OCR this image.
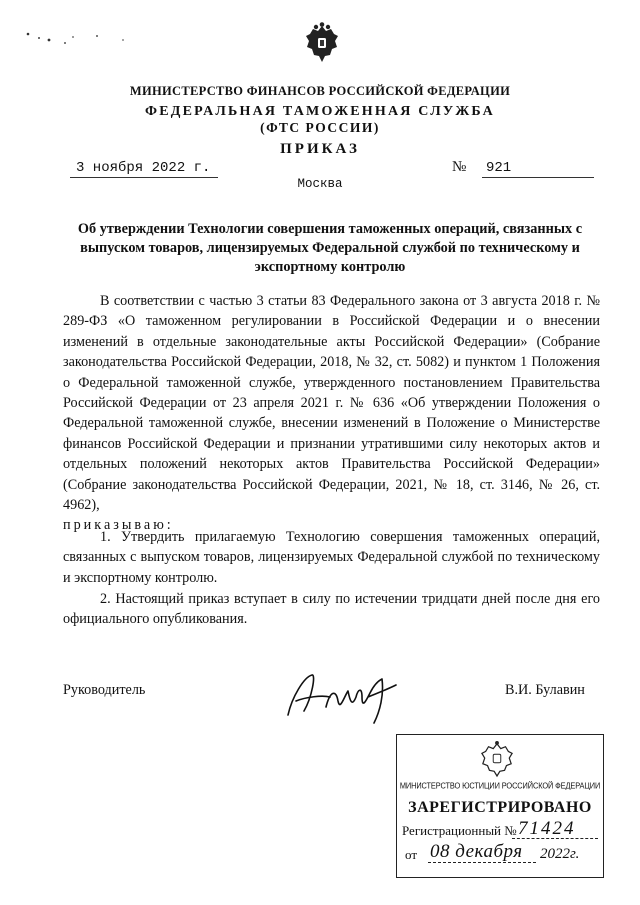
МИНИСТЕРСТВО ФИНАНСОВ РОССИЙСКОЙ ФЕДЕРАЦИИ
ФЕДЕРАЛЬНАЯ ТАМОЖЕННАЯ СЛУЖБА
(ФТС РОССИИ)
ПРИКАЗ
3 ноября 2022 г.	№ 921
Москва
Об утверждении Технологии совершения таможенных операций, связанных с выпуском товаров, лицензируемых Федеральной службой по техническому и экспортному контролю
В соответствии с частью 3 статьи 83 Федерального закона от 3 августа 2018 г. № 289-ФЗ «О таможенном регулировании в Российской Федерации и о внесении изменений в отдельные законодательные акты Российской Федерации» (Собрание законодательства Российской Федерации, 2018, № 32, ст. 5082) и пунктом 1 Положения о Федеральной таможенной службе, утвержденного постановлением Правительства Российской Федерации от 23 апреля 2021 г. № 636 «Об утверждении Положения о Федеральной таможенной службе, внесении изменений в Положение о Министерстве финансов Российской Федерации и признании утратившими силу некоторых актов и отдельных положений некоторых актов Правительства Российской Федерации» (Собрание законодательства Российской Федерации, 2021, № 18, ст. 3146, № 26, ст. 4962),
приказываю:
1. Утвердить прилагаемую Технологию совершения таможенных операций, связанных с выпуском товаров, лицензируемых Федеральной службой по техническому и экспортному контролю.
2. Настоящий приказ вступает в силу по истечении тридцати дней после дня его официального опубликования.
Руководитель	В.И. Булавин
МИНИСТЕРСТВО ЮСТИЦИИ РОССИЙСКОЙ ФЕДЕРАЦИИ
ЗАРЕГИСТРИРОВАНО
Регистрационный № 71424
от 08 декабря 2022г.
